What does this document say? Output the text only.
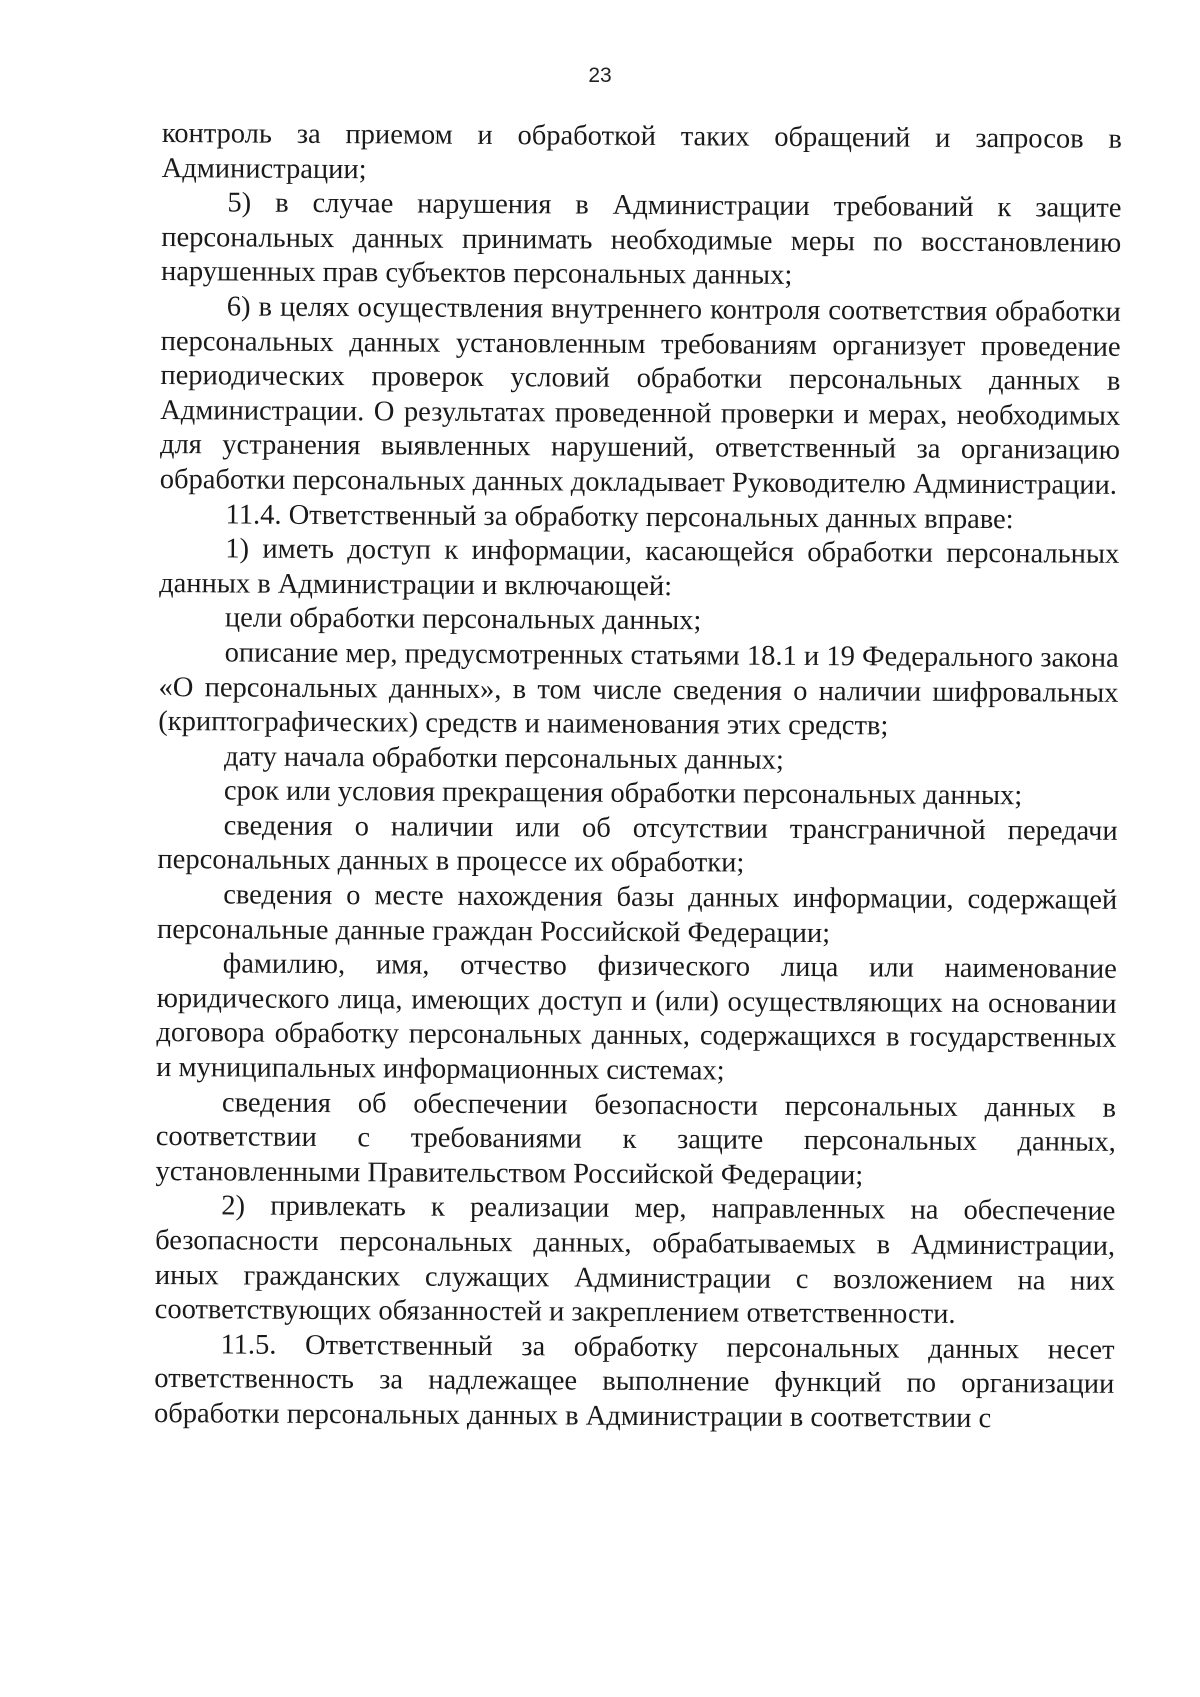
23

контроль за приемом и обработкой таких обращений и запросов в Администрации;

5) в случае нарушения в Администрации требований к защите персональных данных принимать необходимые меры по восстановлению нарушенных прав субъектов персональных данных;

6) в целях осуществления внутреннего контроля соответствия обработки персональных данных установленным требованиям организует проведение периодических проверок условий обработки персональных данных в Администрации. О результатах проведенной проверки и мерах, необходимых для устранения выявленных нарушений, ответственный за организацию обработки персональных данных докладывает Руководителю Администрации.

11.4. Ответственный за обработку персональных данных вправе:

1) иметь доступ к информации, касающейся обработки персональных данных в Администрации и включающей:

цели обработки персональных данных;

описание мер, предусмотренных статьями 18.1 и 19 Федерального закона «О персональных данных», в том числе сведения о наличии шифровальных (криптографических) средств и наименования этих средств;

дату начала обработки персональных данных;

срок или условия прекращения обработки персональных данных;

сведения о наличии или об отсутствии трансграничной передачи персональных данных в процессе их обработки;

сведения о месте нахождения базы данных информации, содержащей персональные данные граждан Российской Федерации;

фамилию, имя, отчество физического лица или наименование юридического лица, имеющих доступ и (или) осуществляющих на основании договора обработку персональных данных, содержащихся в государственных и муниципальных информационных системах;

сведения об обеспечении безопасности персональных данных в соответствии с требованиями к защите персональных данных, установленными Правительством Российской Федерации;

2) привлекать к реализации мер, направленных на обеспечение безопасности персональных данных, обрабатываемых в Администрации, иных гражданских служащих Администрации с возложением на них соответствующих обязанностей и закреплением ответственности.

11.5. Ответственный за обработку персональных данных несет ответственность за надлежащее выполнение функций по организации обработки персональных данных в Администрации в соответствии с
